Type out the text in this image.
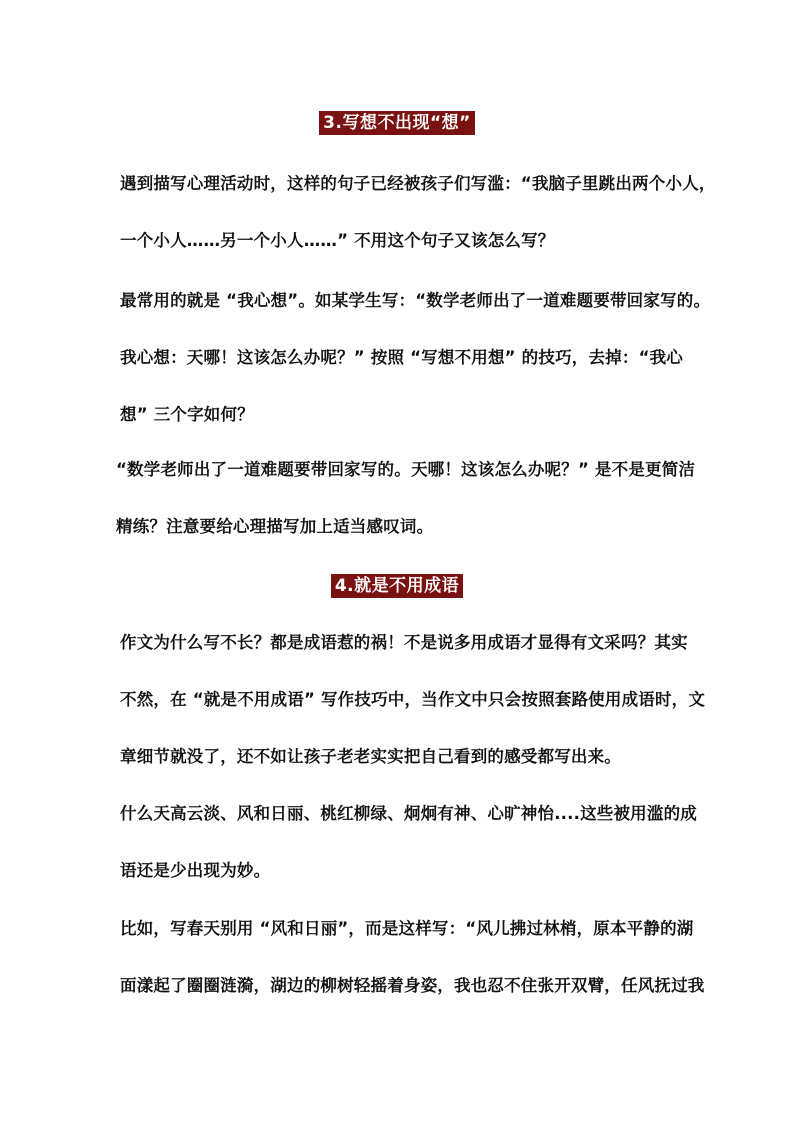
3.写想不出现“想”

遇到描写心理活动时，这样的句子已经被孩子们写滥：“我脑子里跳出两个小人，
一个小人……另一个小人……” 不用这个句子又该怎么写？

最常用的就是 “我心想”。如某学生写：“数学老师出了一道难题要带回家写的。
我心想：天哪！这该怎么办呢？” 按照 “写想不用想” 的技巧，去掉：“我心
想” 三个字如何？

“数学老师出了一道难题要带回家写的。天哪！这该怎么办呢？” 是不是更简洁
精练？注意要给心理描写加上适当感叹词。

4.就是不用成语

作文为什么写不长？都是成语惹的祸！不是说多用成语才显得有文采吗？其实
不然，在 “就是不用成语” 写作技巧中，当作文中只会按照套路使用成语时，文
章细节就没了，还不如让孩子老老实实把自己看到的感受都写出来。

什么天高云淡、风和日丽、桃红柳绿、炯炯有神、心旷神怡....这些被用滥的成
语还是少出现为妙。

比如，写春天别用 “风和日丽”，而是这样写：“风儿拂过林梢，原本平静的湖
面漾起了圈圈涟漪，湖边的柳树轻摇着身姿，我也忍不住张开双臂，任风抚过我
